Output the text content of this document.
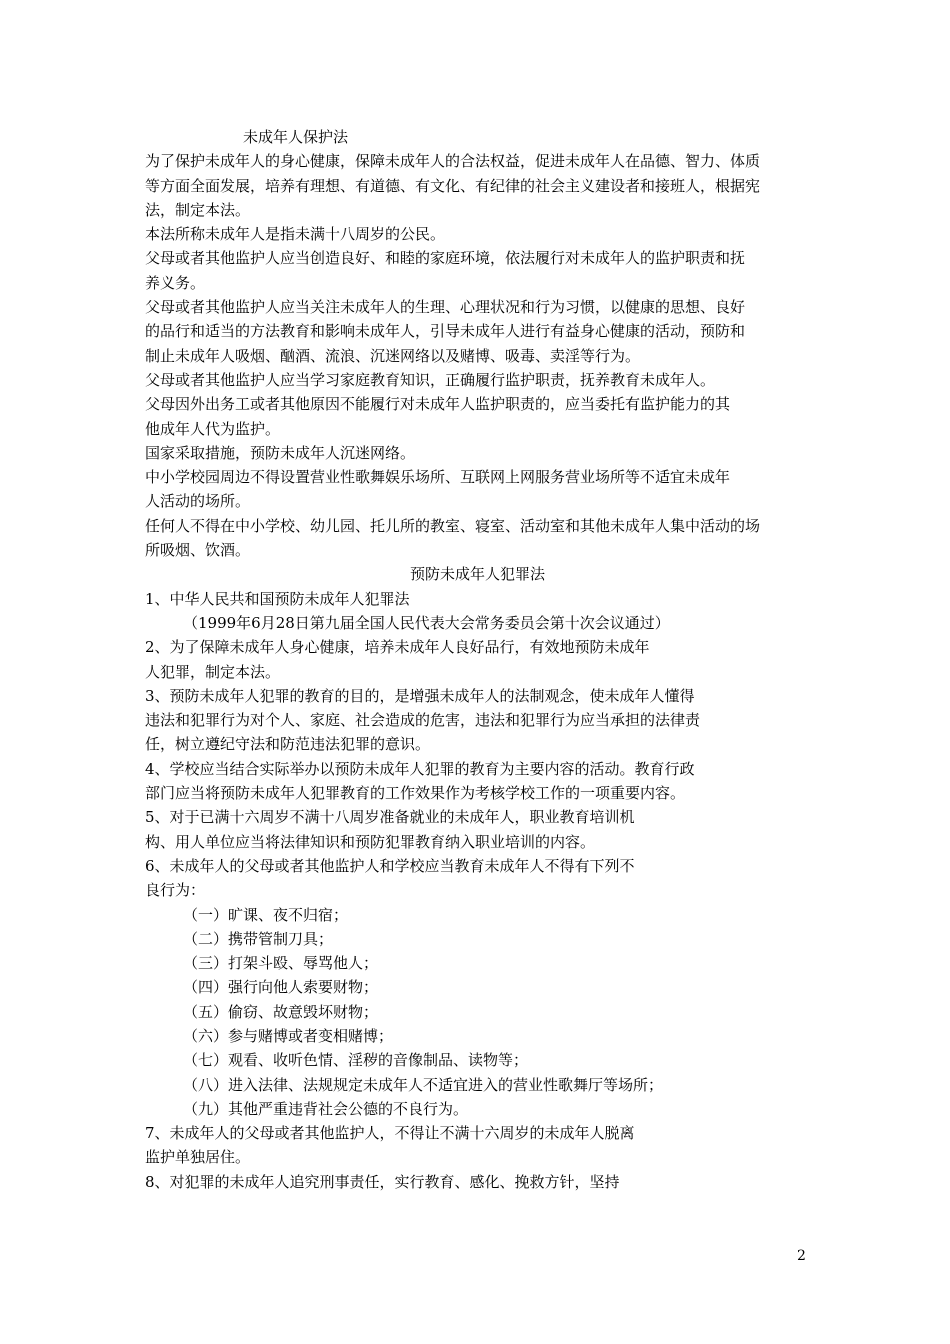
未成年人保护法
为了保护未成年人的身心健康，保障未成年人的合法权益，促进未成年人在品德、智力、体质
等方面全面发展，培养有理想、有道德、有文化、有纪律的社会主义建设者和接班人，根据宪
法，制定本法。
本法所称未成年人是指未满十八周岁的公民。
父母或者其他监护人应当创造良好、和睦的家庭环境，依法履行对未成年人的监护职责和抚
养义务。
父母或者其他监护人应当关注未成年人的生理、心理状况和行为习惯，以健康的思想、良好
的品行和适当的方法教育和影响未成年人，引导未成年人进行有益身心健康的活动，预防和
制止未成年人吸烟、酗酒、流浪、沉迷网络以及赌博、吸毒、卖淫等行为。
父母或者其他监护人应当学习家庭教育知识，正确履行监护职责，抚养教育未成年人。
父母因外出务工或者其他原因不能履行对未成年人监护职责的，应当委托有监护能力的其
他成年人代为监护。
国家采取措施，预防未成年人沉迷网络。
中小学校园周边不得设置营业性歌舞娱乐场所、互联网上网服务营业场所等不适宜未成年
人活动的场所。
任何人不得在中小学校、幼儿园、托儿所的教室、寝室、活动室和其他未成年人集中活动的场
所吸烟、饮酒。
预防未成年人犯罪法
1、中华人民共和国预防未成年人犯罪法
（1999年6月28日第九届全国人民代表大会常务委员会第十次会议通过）
2、为了保障未成年人身心健康，培养未成年人良好品行，有效地预防未成年
人犯罪，制定本法。
3、预防未成年人犯罪的教育的目的，是增强未成年人的法制观念，使未成年人懂得
违法和犯罪行为对个人、家庭、社会造成的危害，违法和犯罪行为应当承担的法律责
任，树立遵纪守法和防范违法犯罪的意识。
4、学校应当结合实际举办以预防未成年人犯罪的教育为主要内容的活动。教育行政
部门应当将预防未成年人犯罪教育的工作效果作为考核学校工作的一项重要内容。
5、对于已满十六周岁不满十八周岁准备就业的未成年人，职业教育培训机
构、用人单位应当将法律知识和预防犯罪教育纳入职业培训的内容。
6、未成年人的父母或者其他监护人和学校应当教育未成年人不得有下列不
良行为：
（一）旷课、夜不归宿；
（二）携带管制刀具；
（三）打架斗殴、辱骂他人；
（四）强行向他人索要财物；
（五）偷窃、故意毁坏财物；
（六）参与赌博或者变相赌博；
（七）观看、收听色情、淫秽的音像制品、读物等；
（八）进入法律、法规规定未成年人不适宜进入的营业性歌舞厅等场所；
（九）其他严重违背社会公德的不良行为。
7、未成年人的父母或者其他监护人，不得让不满十六周岁的未成年人脱离
监护单独居住。
8、对犯罪的未成年人追究刑事责任，实行教育、感化、挽救方针，坚持
2
